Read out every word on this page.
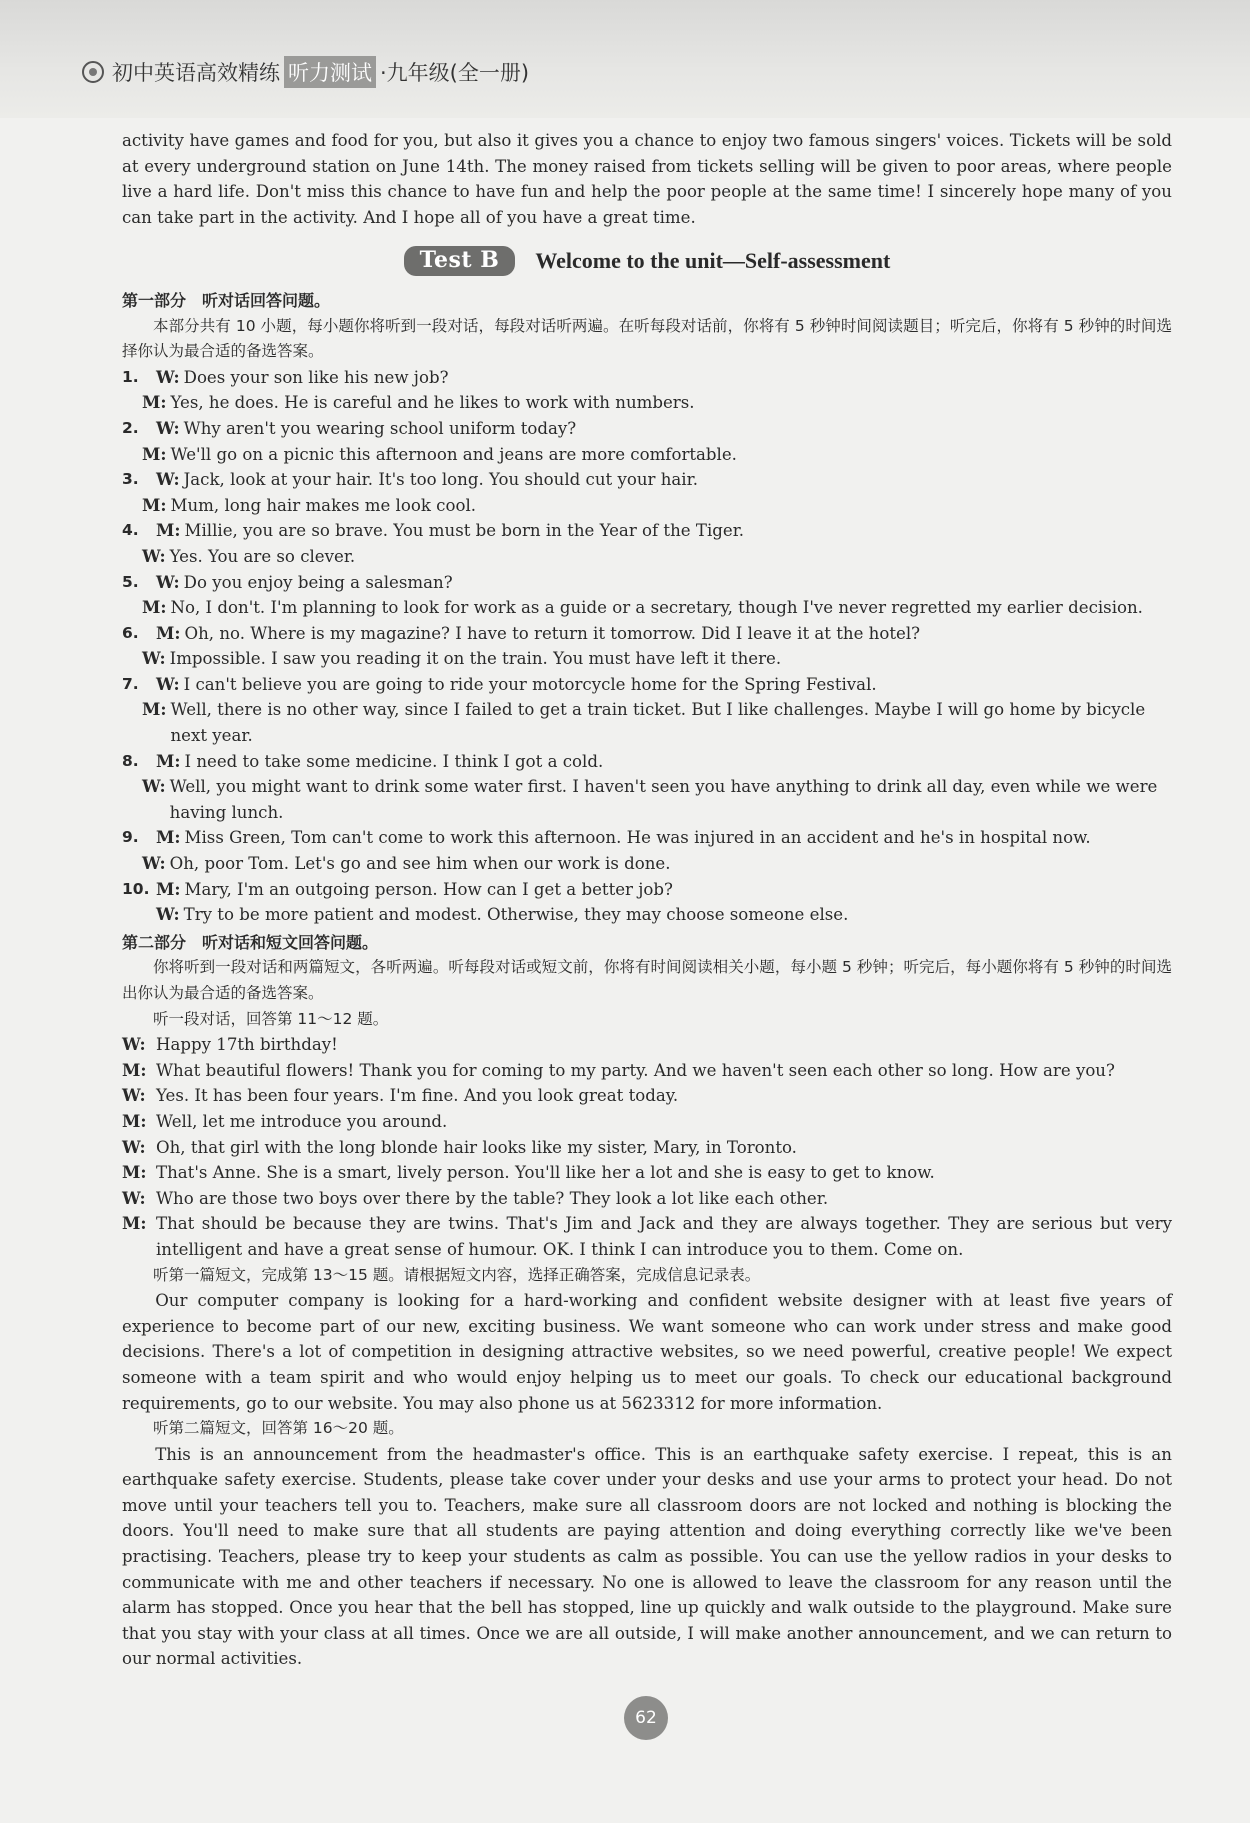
初中英语高效精练 听力测试 ·九年级(全一册)

activity have games and food for you, but also it gives you a chance to enjoy two famous singers' voices. Tickets will be sold at every underground station on June 14th. The money raised from tickets selling will be given to poor areas, where people live a hard life. Don't miss this chance to have fun and help the poor people at the same time! I sincerely hope many of you can take part in the activity. And I hope all of you have a great time.

Test B	Welcome to the unit—Self-assessment

第一部分　听对话回答问题。

本部分共有 10 小题，每小题你将听到一段对话，每段对话听两遍。在听每段对话前，你将有 5 秒钟时间阅读题目；听完后，你将有 5 秒钟的时间选择你认为最合适的备选答案。

1.	W: Does your son like his new job?
M: Yes, he does. He is careful and he likes to work with numbers.
2.	W: Why aren't you wearing school uniform today?
M: We'll go on a picnic this afternoon and jeans are more comfortable.
3.	W: Jack, look at your hair. It's too long. You should cut your hair.
M: Mum, long hair makes me look cool.
4.	M: Millie, you are so brave. You must be born in the Year of the Tiger.
W: Yes. You are so clever.
5.	W: Do you enjoy being a salesman?
M: No, I don't. I'm planning to look for work as a guide or a secretary, though I've never regretted my earlier decision.
6.	M: Oh, no. Where is my magazine? I have to return it tomorrow. Did I leave it at the hotel?
W: Impossible. I saw you reading it on the train. You must have left it there.
7.	W: I can't believe you are going to ride your motorcycle home for the Spring Festival.
M: Well, there is no other way, since I failed to get a train ticket. But I like challenges. Maybe I will go home by bicycle next year.
8.	M: I need to take some medicine. I think I got a cold.
W: Well, you might want to drink some water first. I haven't seen you have anything to drink all day, even while we were having lunch.
9.	M: Miss Green, Tom can't come to work this afternoon. He was injured in an accident and he's in hospital now.
W: Oh, poor Tom. Let's go and see him when our work is done.
10. M: Mary, I'm an outgoing person. How can I get a better job?
W: Try to be more patient and modest. Otherwise, they may choose someone else.

第二部分　听对话和短文回答问题。

你将听到一段对话和两篇短文，各听两遍。听每段对话或短文前，你将有时间阅读相关小题，每小题 5 秒钟；听完后，每小题你将有 5 秒钟的时间选出你认为最合适的备选答案。

听一段对话，回答第 11～12 题。

W: Happy 17th birthday!
M: What beautiful flowers! Thank you for coming to my party. And we haven't seen each other so long. How are you?
W: Yes. It has been four years. I'm fine. And you look great today.
M: Well, let me introduce you around.
W: Oh, that girl with the long blonde hair looks like my sister, Mary, in Toronto.
M: That's Anne. She is a smart, lively person. You'll like her a lot and she is easy to get to know.
W: Who are those two boys over there by the table? They look a lot like each other.
M: That should be because they are twins. That's Jim and Jack and they are always together. They are serious but very intelligent and have a great sense of humour. OK. I think I can introduce you to them. Come on.

听第一篇短文，完成第 13～15 题。请根据短文内容，选择正确答案，完成信息记录表。

Our computer company is looking for a hard-working and confident website designer with at least five years of experience to become part of our new, exciting business. We want someone who can work under stress and make good decisions. There's a lot of competition in designing attractive websites, so we need powerful, creative people! We expect someone with a team spirit and who would enjoy helping us to meet our goals. To check our educational background requirements, go to our website. You may also phone us at 5623312 for more information.

听第二篇短文，回答第 16～20 题。

This is an announcement from the headmaster's office. This is an earthquake safety exercise. I repeat, this is an earthquake safety exercise. Students, please take cover under your desks and use your arms to protect your head. Do not move until your teachers tell you to. Teachers, make sure all classroom doors are not locked and nothing is blocking the doors. You'll need to make sure that all students are paying attention and doing everything correctly like we've been practising. Teachers, please try to keep your students as calm as possible. You can use the yellow radios in your desks to communicate with me and other teachers if necessary. No one is allowed to leave the classroom for any reason until the alarm has stopped. Once you hear that the bell has stopped, line up quickly and walk outside to the playground. Make sure that you stay with your class at all times. Once we are all outside, I will make another announcement, and we can return to our normal activities.

62
